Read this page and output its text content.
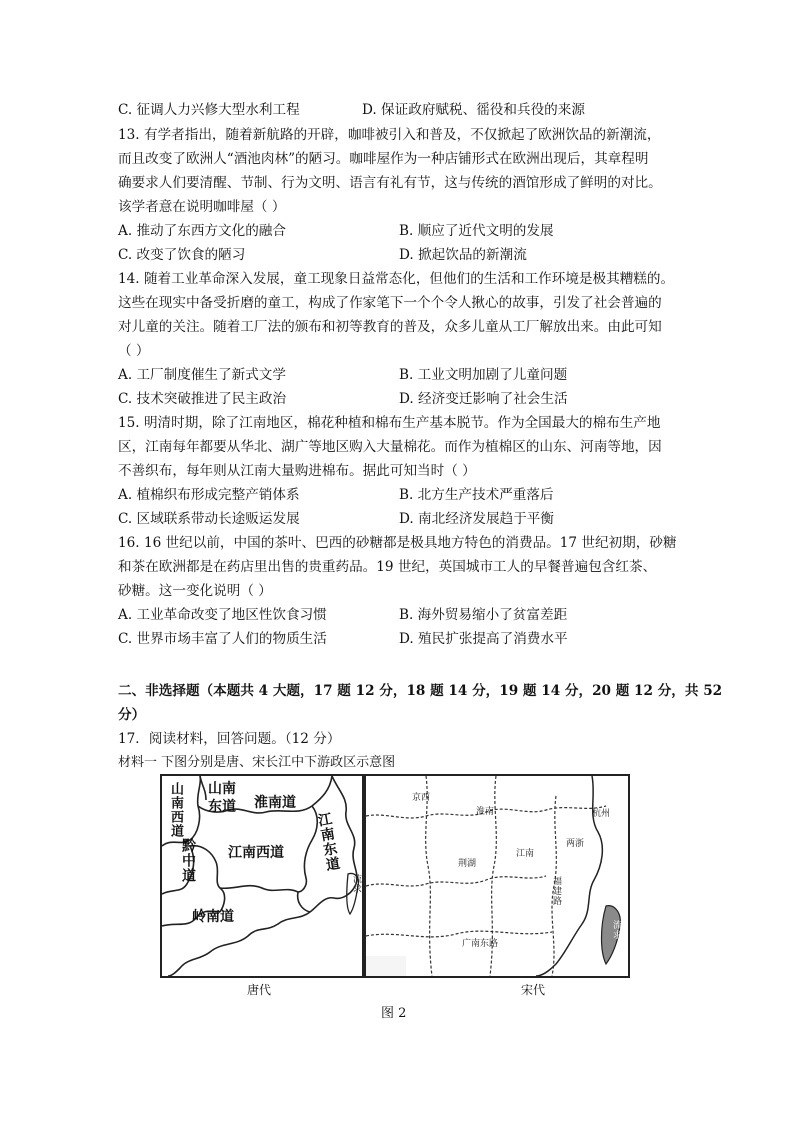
C. 征调人力兴修大型水利工程	D. 保证政府赋税、徭役和兵役的来源
13. 有学者指出，随着新航路的开辟，咖啡被引入和普及，不仅掀起了欧洲饮品的新潮流，
而且改变了欧洲人“酒池肉林”的陋习。咖啡屋作为一种店铺形式在欧洲出现后，其章程明
确要求人们要清醒、节制、行为文明、语言有礼有节，这与传统的酒馆形成了鲜明的对比。
该学者意在说明咖啡屋（ ）
A. 推动了东西方文化的融合	B. 顺应了近代文明的发展
C. 改变了饮食的陋习	D. 掀起饮品的新潮流
14. 随着工业革命深入发展，童工现象日益常态化，但他们的生活和工作环境是极其糟糕的。
这些在现实中备受折磨的童工，构成了作家笔下一个个令人揪心的故事，引发了社会普遍的
对儿童的关注。随着工厂法的颁布和初等教育的普及，众多儿童从工厂解放出来。由此可知
（ ）
A. 工厂制度催生了新式文学	B. 工业文明加剧了儿童问题
C. 技术突破推进了民主政治	D. 经济变迁影响了社会生活
15. 明清时期，除了江南地区，棉花种植和棉布生产基本脱节。作为全国最大的棉布生产地
区，江南每年都要从华北、湖广等地区购入大量棉花。而作为植棉区的山东、河南等地，因
不善织布，每年则从江南大量购进棉布。据此可知当时（ ）
A. 植棉织布形成完整产销体系	B. 北方生产技术严重落后
C. 区域联系带动长途贩运发展	D. 南北经济发展趋于平衡
16. 16 世纪以前，中国的茶叶、巴西的砂糖都是极具地方特色的消费品。17 世纪初期，砂糖
和茶在欧洲都是在药店里出售的贵重药品。19 世纪，英国城市工人的早餐普遍包含红茶、
砂糖。这一变化说明（ ）
A. 工业革命改变了地区性饮食习惯	B. 海外贸易缩小了贫富差距
C. 世界市场丰富了人们的物质生活	D. 殖民扩张提高了消费水平
二、非选择题（本题共 4 大题，17 题 12 分，18 题 14 分，19 题 14 分，20 题 12 分，共 52
分）
17．阅读材料，回答问题。（12 分）
材料一 下图分别是唐、宋长江中下游政区示意图
山南西道 山南东道	淮南道
江南西道 江南东道
黔中道
岭南道
流求
唐代
淮南
京西
荆湖
江南
两浙
杭州
福建路
广南东路
流求
宋代
图 2
